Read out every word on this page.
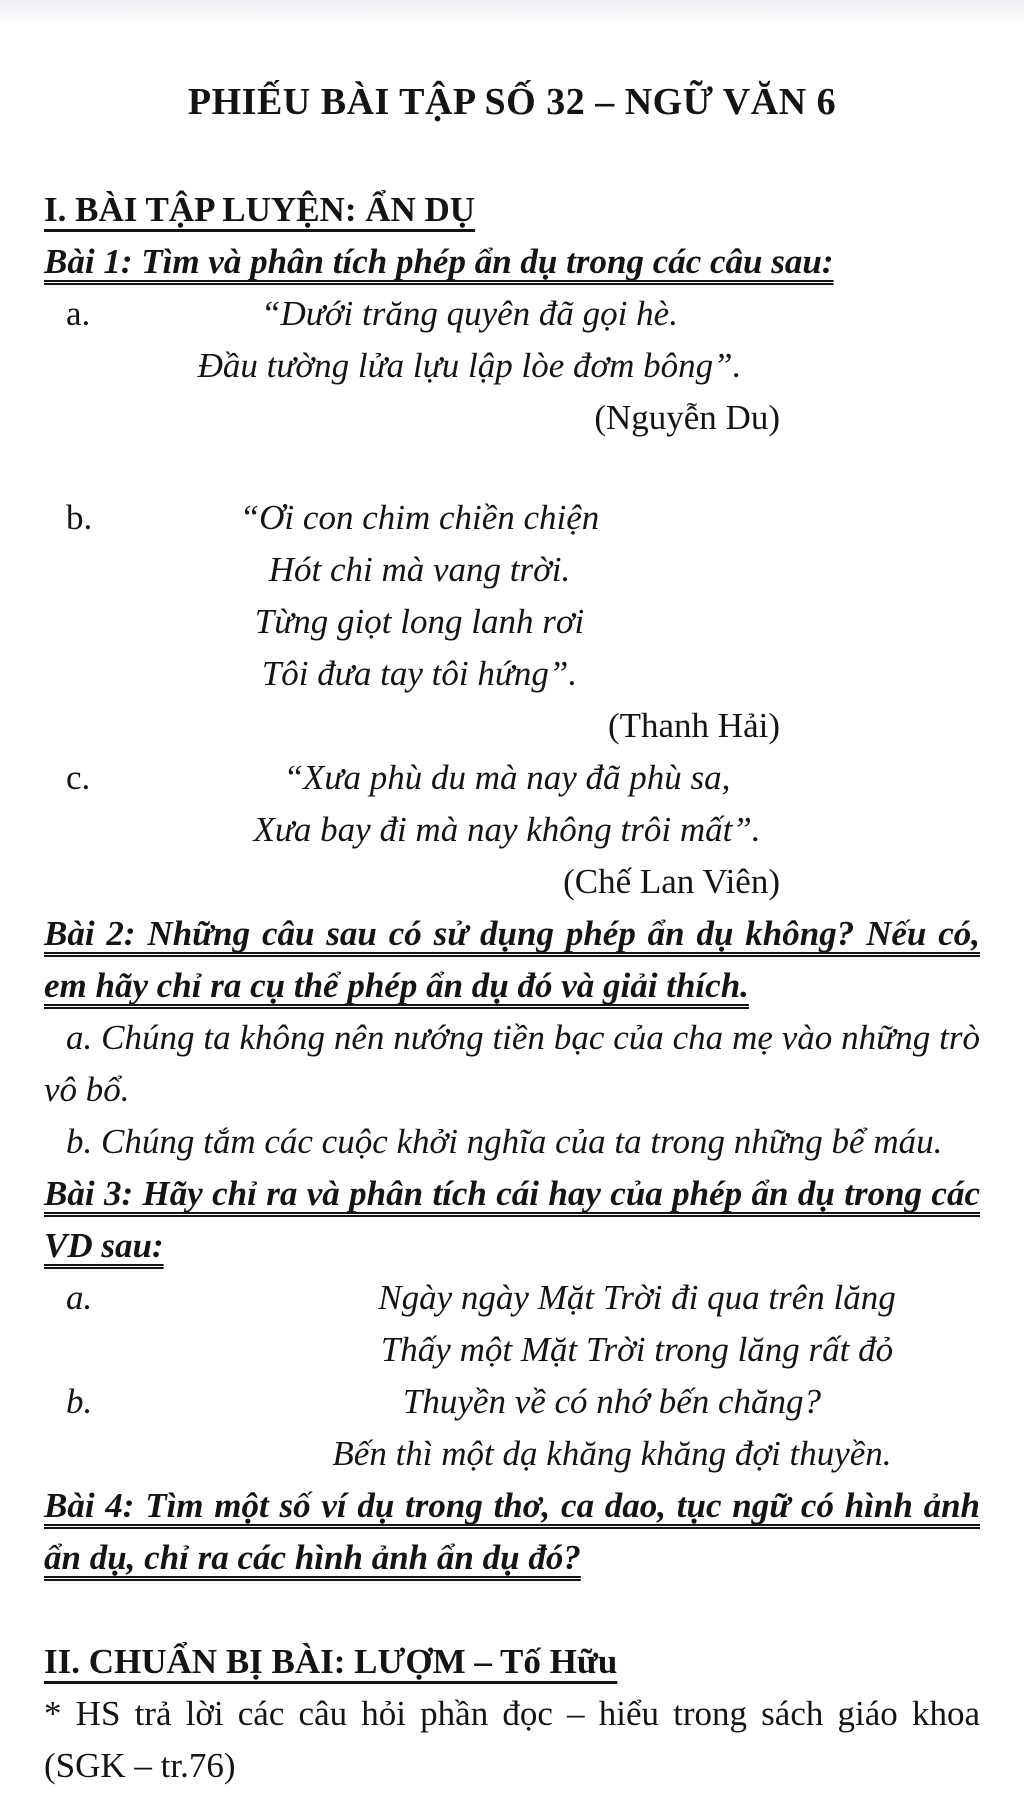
PHIẾU BÀI TẬP SỐ 32 – NGỮ VĂN 6
I. BÀI TẬP LUYỆN: ẨN DỤ
Bài 1: Tìm và phân tích phép ẩn dụ trong các câu sau:
a.	“Dưới trăng quyên đã gọi hè.
Đầu tường lửa lựu lập lòe đơm bông”.
(Nguyễn Du)
b.	“Ơi con chim chiền chiện
Hót chi mà vang trời.
Từng giọt long lanh rơi
Tôi đưa tay tôi hứng”.
(Thanh Hải)
c.	“Xưa phù du mà nay đã phù sa,
Xưa bay đi mà nay không trôi mất”.
(Chế Lan Viên)
Bài 2: Những câu sau có sử dụng phép ẩn dụ không? Nếu có, em hãy chỉ ra cụ thể phép ẩn dụ đó và giải thích.

a. Chúng ta không nên nướng tiền bạc của cha mẹ vào những trò vô bổ.

b. Chúng tắm các cuộc khởi nghĩa của ta trong những bể máu.

Bài 3: Hãy chỉ ra và phân tích cái hay của phép ẩn dụ trong các VD sau:
a.	Ngày ngày Mặt Trời đi qua trên lăng
Thấy một Mặt Trời trong lăng rất đỏ
b.	Thuyền về có nhớ bến chăng?
Bến thì một dạ khăng khăng đợi thuyền.
Bài 4: Tìm một số ví dụ trong thơ, ca dao, tục ngữ có hình ảnh ẩn dụ, chỉ ra các hình ảnh ẩn dụ đó?
II. CHUẨN BỊ BÀI: LƯỢM – Tố Hữu

* HS trả lời các câu hỏi phần đọc – hiểu trong sách giáo khoa (SGK – tr.76)
